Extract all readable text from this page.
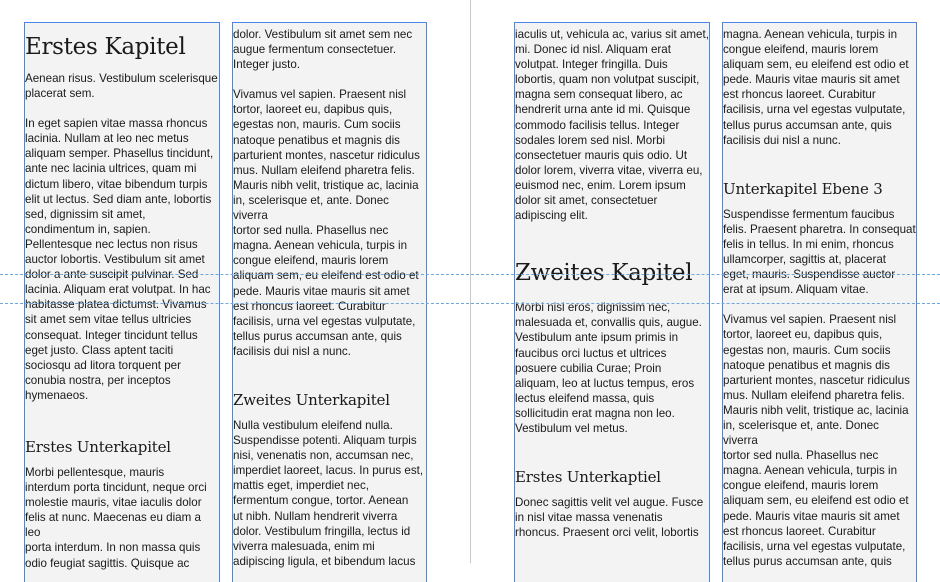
Erstes Kapitel

Aenean risus. Vestibulum scelerisque
placerat sem.

In eget sapien vitae massa rhoncus
lacinia. Nullam at leo nec metus
aliquam semper. Phasellus tincidunt,
ante nec lacinia ultrices, quam mi
dictum libero, vitae bibendum turpis
elit ut lectus. Sed diam ante, lobortis
sed, dignissim sit amet,
condimentum in, sapien.
Pellentesque nec lectus non risus
auctor lobortis. Vestibulum sit amet
dolor a ante suscipit pulvinar. Sed
lacinia. Aliquam erat volutpat. In hac
habitasse platea dictumst. Vivamus
sit amet sem vitae tellus ultricies
consequat. Integer tincidunt tellus
eget justo. Class aptent taciti
sociosqu ad litora torquent per
conubia nostra, per inceptos
hymenaeos.

Erstes Unterkapitel

Morbi pellentesque, mauris
interdum porta tincidunt, neque orci
molestie mauris, vitae iaculis dolor
felis at nunc. Maecenas eu diam a leo
porta interdum. In non massa quis
odio feugiat sagittis. Quisque ac

dolor. Vestibulum sit amet sem nec
augue fermentum consectetuer.
Integer justo.

Vivamus vel sapien. Praesent nisl
tortor, laoreet eu, dapibus quis,
egestas non, mauris. Cum sociis
natoque penatibus et magnis dis
parturient montes, nascetur ridiculus
mus. Nullam eleifend pharetra felis.
Mauris nibh velit, tristique ac, lacinia
in, scelerisque et, ante. Donec viverra
tortor sed nulla. Phasellus nec
magna. Aenean vehicula, turpis in
congue eleifend, mauris lorem
aliquam sem, eu eleifend est odio et
pede. Mauris vitae mauris sit amet
est rhoncus laoreet. Curabitur
facilisis, urna vel egestas vulputate,
tellus purus accumsan ante, quis
facilisis dui nisl a nunc.

Zweites Unterkapitel

Nulla vestibulum eleifend nulla.
Suspendisse potenti. Aliquam turpis
nisi, venenatis non, accumsan nec,
imperdiet laoreet, lacus. In purus est,
mattis eget, imperdiet nec,
fermentum congue, tortor. Aenean
ut nibh. Nullam hendrerit viverra
dolor. Vestibulum fringilla, lectus id
viverra malesuada, enim mi
adipiscing ligula, et bibendum lacus

iaculis ut, vehicula ac, varius sit amet,
mi. Donec id nisl. Aliquam erat
volutpat. Integer fringilla. Duis
lobortis, quam non volutpat suscipit,
magna sem consequat libero, ac
hendrerit urna ante id mi. Quisque
commodo facilisis tellus. Integer
sodales lorem sed nisl. Morbi
consectetuer mauris quis odio. Ut
dolor lorem, viverra vitae, viverra eu,
euismod nec, enim. Lorem ipsum
dolor sit amet, consectetuer
adipiscing elit.

Zweites Kapitel

Morbi nisl eros, dignissim nec,
malesuada et, convallis quis, augue.
Vestibulum ante ipsum primis in
faucibus orci luctus et ultrices
posuere cubilia Curae; Proin
aliquam, leo at luctus tempus, eros
lectus eleifend massa, quis
sollicitudin erat magna non leo.
Vestibulum vel metus.

Erstes Unterkaptiel

Donec sagittis velit vel augue. Fusce
in nisl vitae massa venenatis
rhoncus. Praesent orci velit, lobortis

magna. Aenean vehicula, turpis in
congue eleifend, mauris lorem
aliquam sem, eu eleifend est odio et
pede. Mauris vitae mauris sit amet
est rhoncus laoreet. Curabitur
facilisis, urna vel egestas vulputate,
tellus purus accumsan ante, quis
facilisis dui nisl a nunc.

Unterkapitel Ebene 3

Suspendisse fermentum faucibus
felis. Praesent pharetra. In consequat
felis in tellus. In mi enim, rhoncus
ullamcorper, sagittis at, placerat
eget, mauris. Suspendisse auctor
erat at ipsum. Aliquam vitae.

Vivamus vel sapien. Praesent nisl
tortor, laoreet eu, dapibus quis,
egestas non, mauris. Cum sociis
natoque penatibus et magnis dis
parturient montes, nascetur ridiculus
mus. Nullam eleifend pharetra felis.
Mauris nibh velit, tristique ac, lacinia
in, scelerisque et, ante. Donec viverra
tortor sed nulla. Phasellus nec
magna. Aenean vehicula, turpis in
congue eleifend, mauris lorem
aliquam sem, eu eleifend est odio et
pede. Mauris vitae mauris sit amet
est rhoncus laoreet. Curabitur
facilisis, urna vel egestas vulputate,
tellus purus accumsan ante, quis
